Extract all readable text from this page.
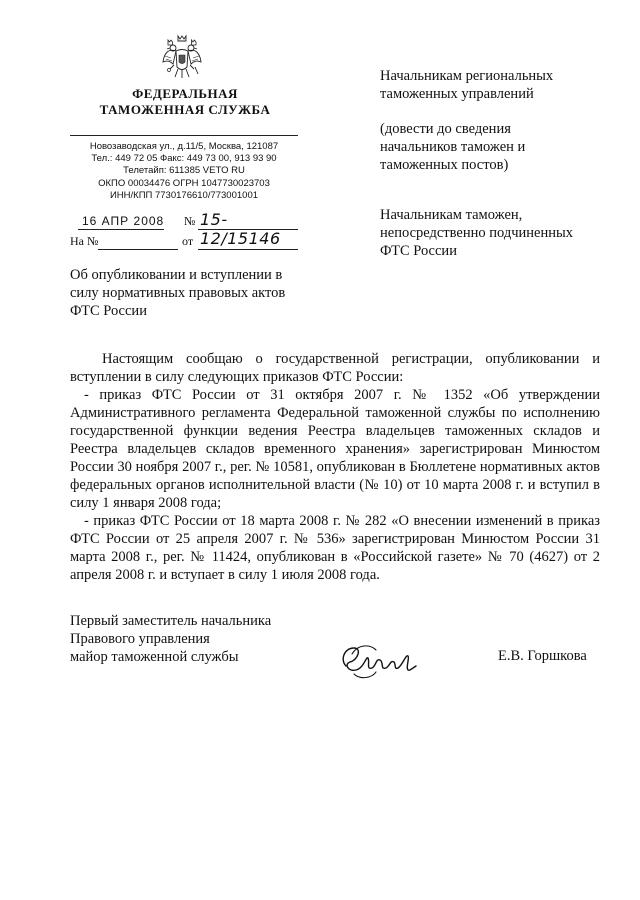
ФЕДЕРАЛЬНАЯ
ТАМОЖЕННАЯ СЛУЖБА
Новозаводская ул., д.11/5, Москва, 121087
Тел.: 449 72 05 Факс: 449 73 00, 913 93 90
Телетайп: 611385 VETO RU
ОКПО 00034476 ОГРН 1047730023703
ИНН/КПП 7730176610/773001001
16 АПР 2008 № 15-12/15146
На №	от
Об опубликовании и вступлении в
силу нормативных правовых актов
ФТС России
Начальникам региональных
таможенных управлений
(довести до сведения
начальников таможен и
таможенных постов)
Начальникам таможен,
непосредственно подчиненных
ФТС России

Настоящим сообщаю о государственной регистрации, опубликовании и вступлении в силу следующих приказов ФТС России:

- приказ ФТС России от 31 октября 2007 г. № 1352 «Об утверждении Административного регламента Федеральной таможенной службы по исполнению государственной функции ведения Реестра владельцев таможенных складов и Реестра владельцев складов временного хранения» зарегистрирован Минюстом России 30 ноября 2007 г., рег. № 10581, опубликован в Бюллетене нормативных актов федеральных органов исполнительной власти (№ 10) от 10 марта 2008 г. и вступил в силу 1 января 2008 года;

- приказ ФТС России от 18 марта 2008 г. № 282 «О внесении изменений в приказ ФТС России от 25 апреля 2007 г. № 536» зарегистрирован Минюстом России 31 марта 2008 г., рег. № 11424, опубликован в «Российской газете» № 70 (4627) от 2 апреля 2008 г. и вступает в силу 1 июля 2008 года.

Первый заместитель начальника
Правового управления
майор таможенной службы	Е.В. Горшкова
